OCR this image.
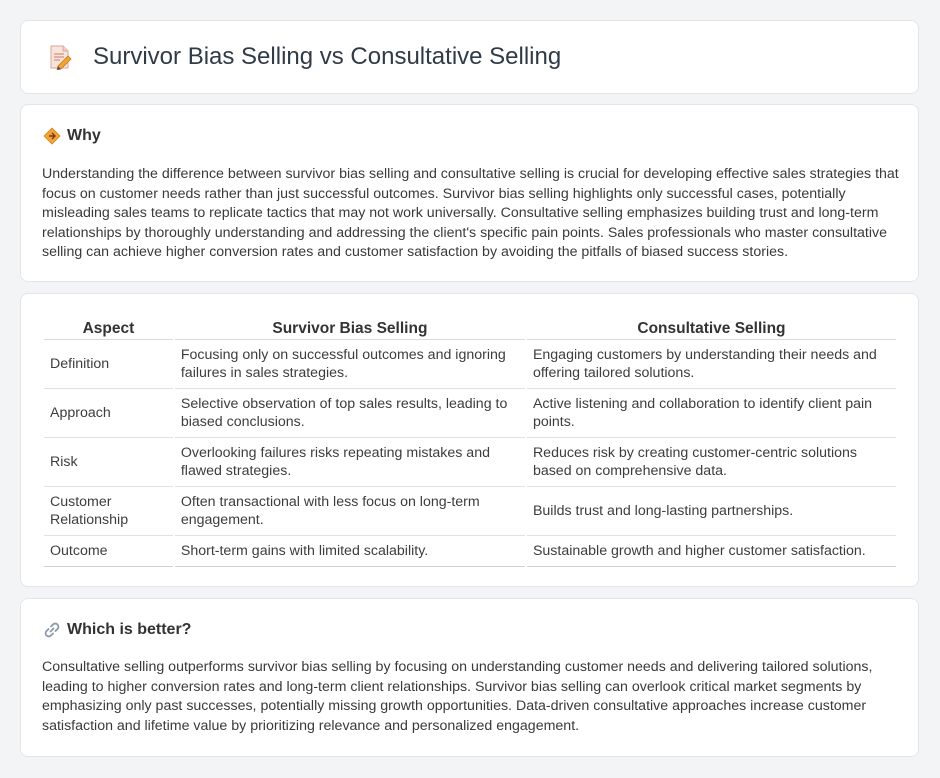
Survivor Bias Selling vs Consultative Selling
Why

Understanding the difference between survivor bias selling and consultative selling is crucial for developing effective sales strategies that focus on customer needs rather than just successful outcomes. Survivor bias selling highlights only successful cases, potentially misleading sales teams to replicate tactics that may not work universally. Consultative selling emphasizes building trust and long-term relationships by thoroughly understanding and addressing the client's specific pain points. Sales professionals who master consultative selling can achieve higher conversion rates and customer satisfaction by avoiding the pitfalls of biased success stories.

Aspect	Survivor Bias Selling	Consultative Selling
Definition	Focusing only on successful outcomes and ignoring failures in sales strategies.	Engaging customers by understanding their needs and offering tailored solutions.
Approach	Selective observation of top sales results, leading to biased conclusions.	Active listening and collaboration to identify client pain points.
Risk	Overlooking failures risks repeating mistakes and flawed strategies.	Reduces risk by creating customer-centric solutions based on comprehensive data.
Customer Relationship	Often transactional with less focus on long-term engagement.	Builds trust and long-lasting partnerships.
Outcome	Short-term gains with limited scalability.	Sustainable growth and higher customer satisfaction.
Which is better?

Consultative selling outperforms survivor bias selling by focusing on understanding customer needs and delivering tailored solutions, leading to higher conversion rates and long-term client relationships. Survivor bias selling can overlook critical market segments by emphasizing only past successes, potentially missing growth opportunities. Data-driven consultative approaches increase customer satisfaction and lifetime value by prioritizing relevance and personalized engagement.
